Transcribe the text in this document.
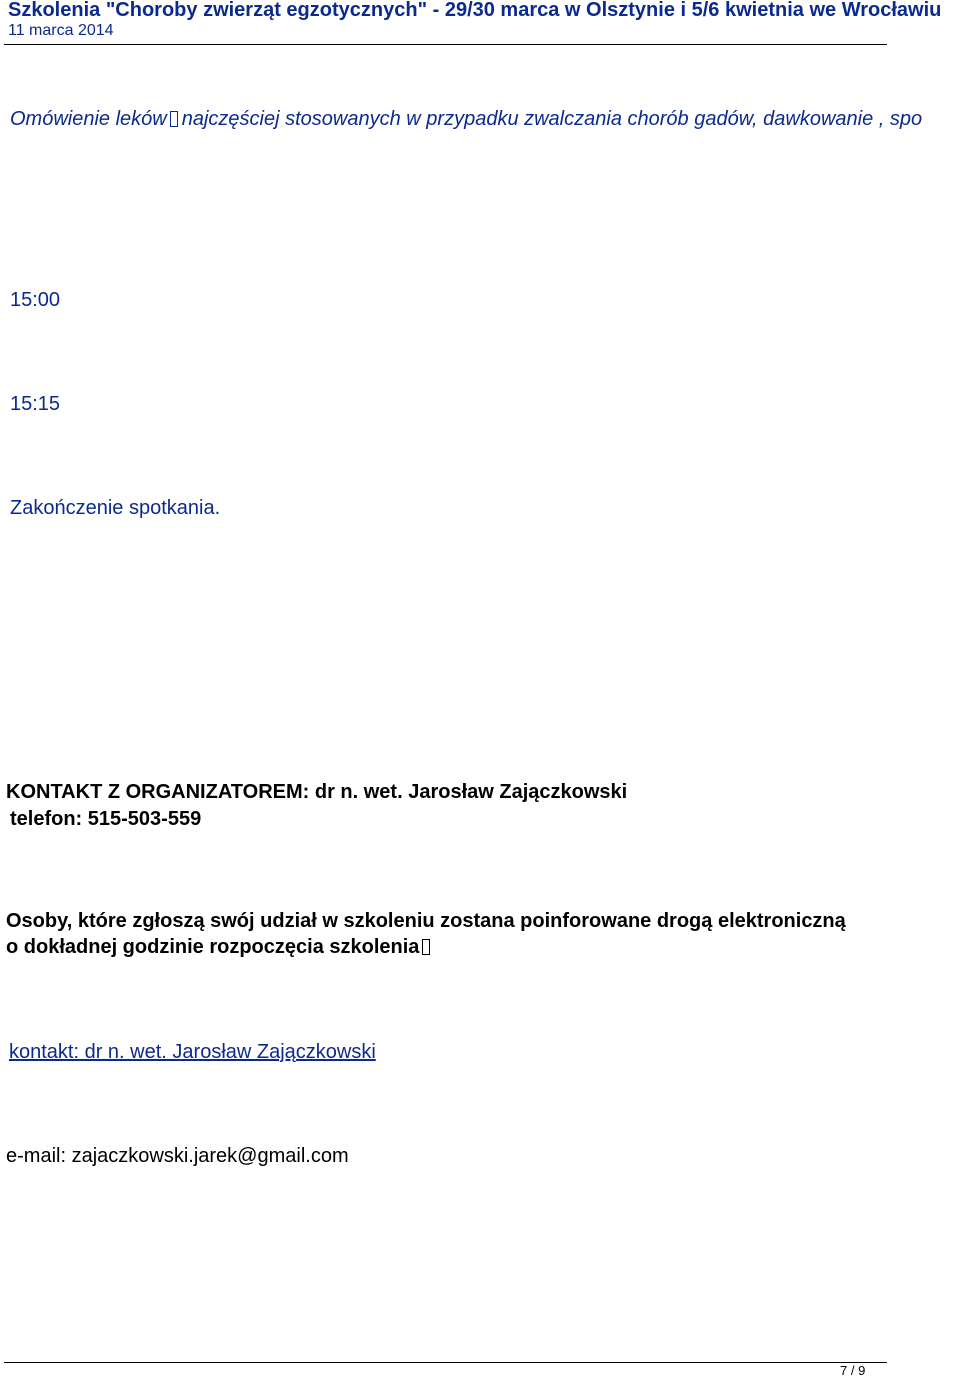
Szkolenia "Choroby zwierząt egzotycznych" - 29/30 marca w Olsztynie i 5/6 kwietnia we Wrocławiu
11 marca 2014
Omówienie leków najczęściej stosowanych w przypadku zwalczania chorób gadów, dawkowanie , spo
15:00
15:15
Zakończenie spotkania.
KONTAKT Z ORGANIZATOREM: dr n. wet. Jarosław Zajączkowski
telefon: 515-503-559
Osoby, które zgłoszą swój udział w szkoleniu zostana poinforowane drogą elektroniczną
o dokładnej godzinie rozpoczęcia szkolenia
kontakt: dr n. wet. Jarosław Zajączkowski
e-mail: zajaczkowski.jarek@gmail.com
7 / 9
